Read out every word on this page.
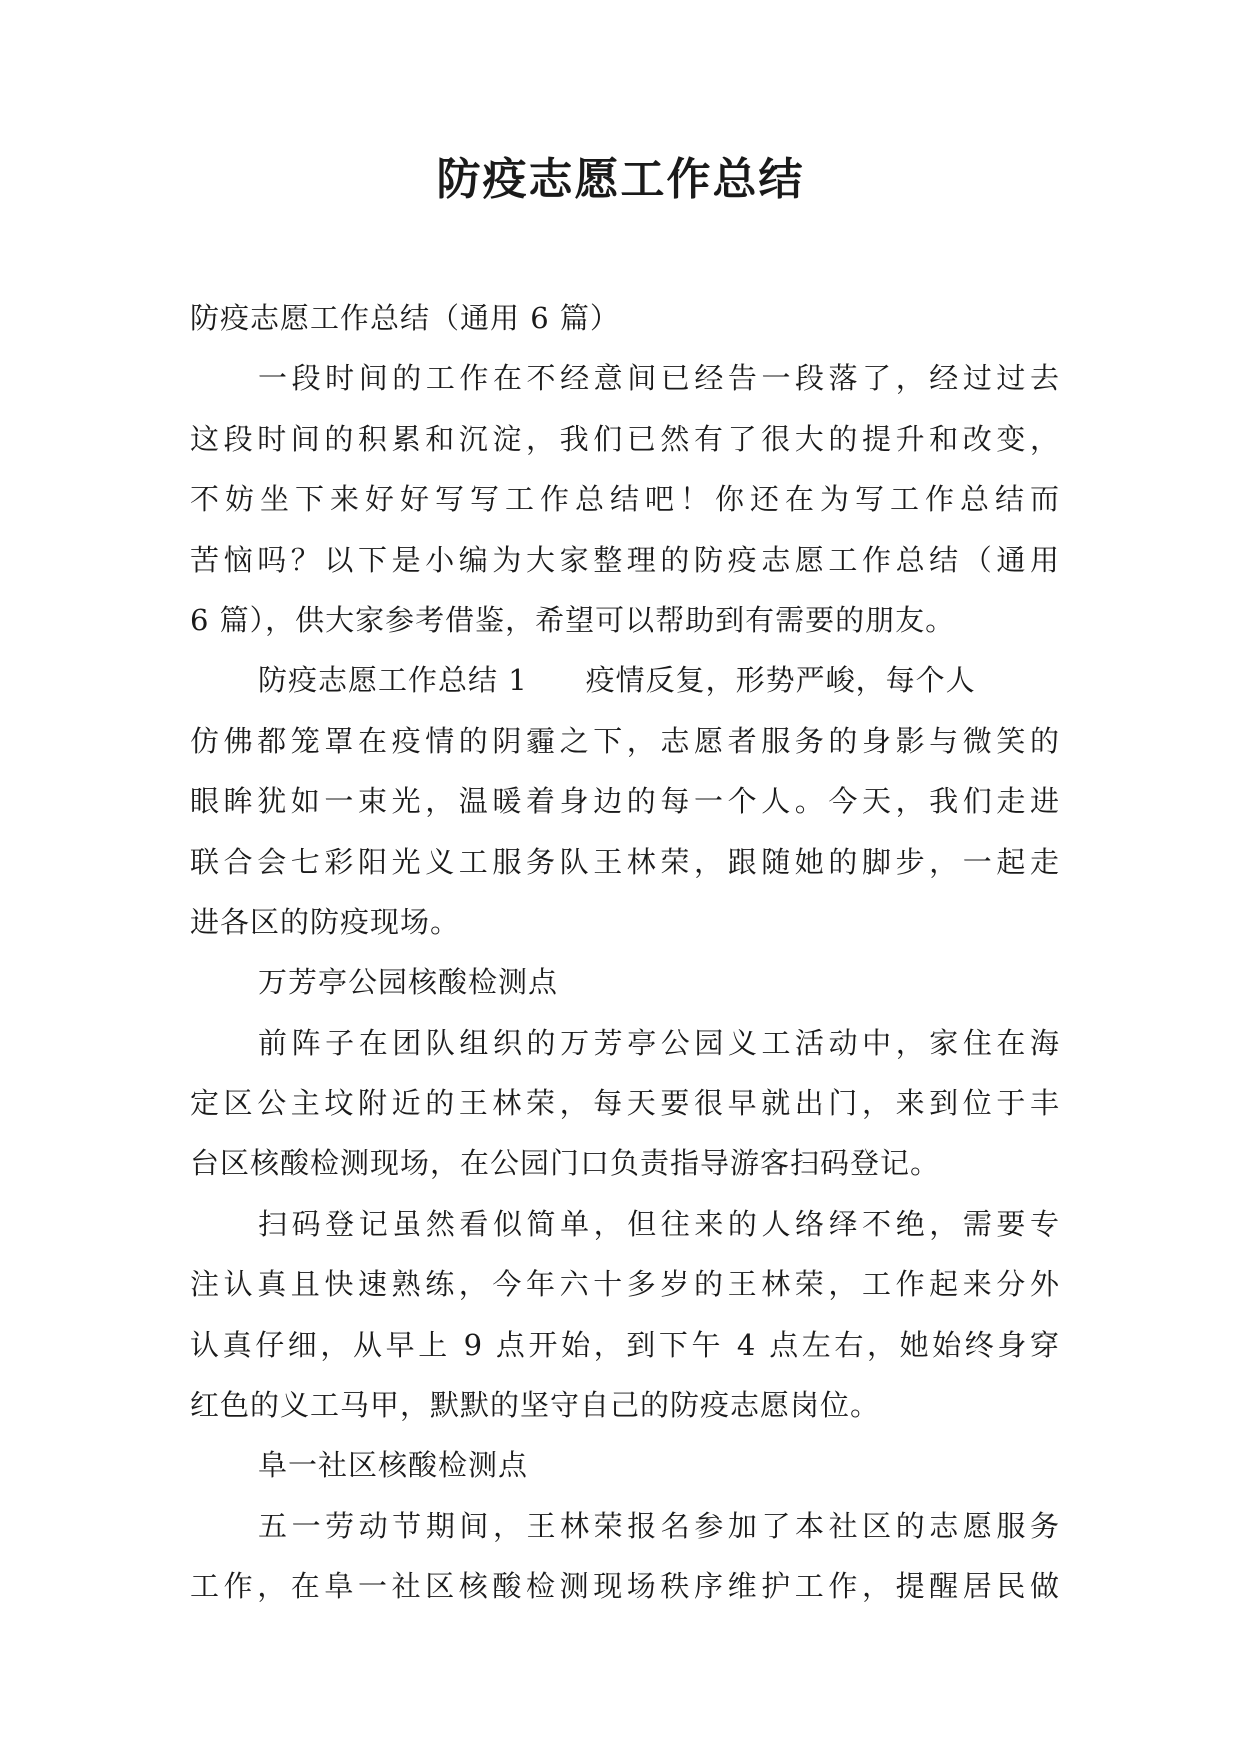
防疫志愿工作总结
防疫志愿工作总结（通用 6 篇）
一段时间的工作在不经意间已经告一段落了，经过过去
这段时间的积累和沉淀，我们已然有了很大的提升和改变，
不妨坐下来好好写写工作总结吧！你还在为写工作总结而
苦恼吗？以下是小编为大家整理的防疫志愿工作总结（通用
6 篇），供大家参考借鉴，希望可以帮助到有需要的朋友。
防疫志愿工作总结 1 疫情反复，形势严峻，每个人
仿佛都笼罩在疫情的阴霾之下，志愿者服务的身影与微笑的
眼眸犹如一束光，温暖着身边的每一个人。今天，我们走进
联合会七彩阳光义工服务队王林荣，跟随她的脚步，一起走
进各区的防疫现场。
万芳亭公园核酸检测点
前阵子在团队组织的万芳亭公园义工活动中，家住在海
定区公主坟附近的王林荣，每天要很早就出门，来到位于丰
台区核酸检测现场，在公园门口负责指导游客扫码登记。
扫码登记虽然看似简单，但往来的人络绎不绝，需要专
注认真且快速熟练，今年六十多岁的王林荣，工作起来分外
认真仔细，从早上 9 点开始，到下午 4 点左右，她始终身穿
红色的义工马甲，默默的坚守自己的防疫志愿岗位。
阜一社区核酸检测点
五一劳动节期间，王林荣报名参加了本社区的志愿服务
工作，在阜一社区核酸检测现场秩序维护工作，提醒居民做
